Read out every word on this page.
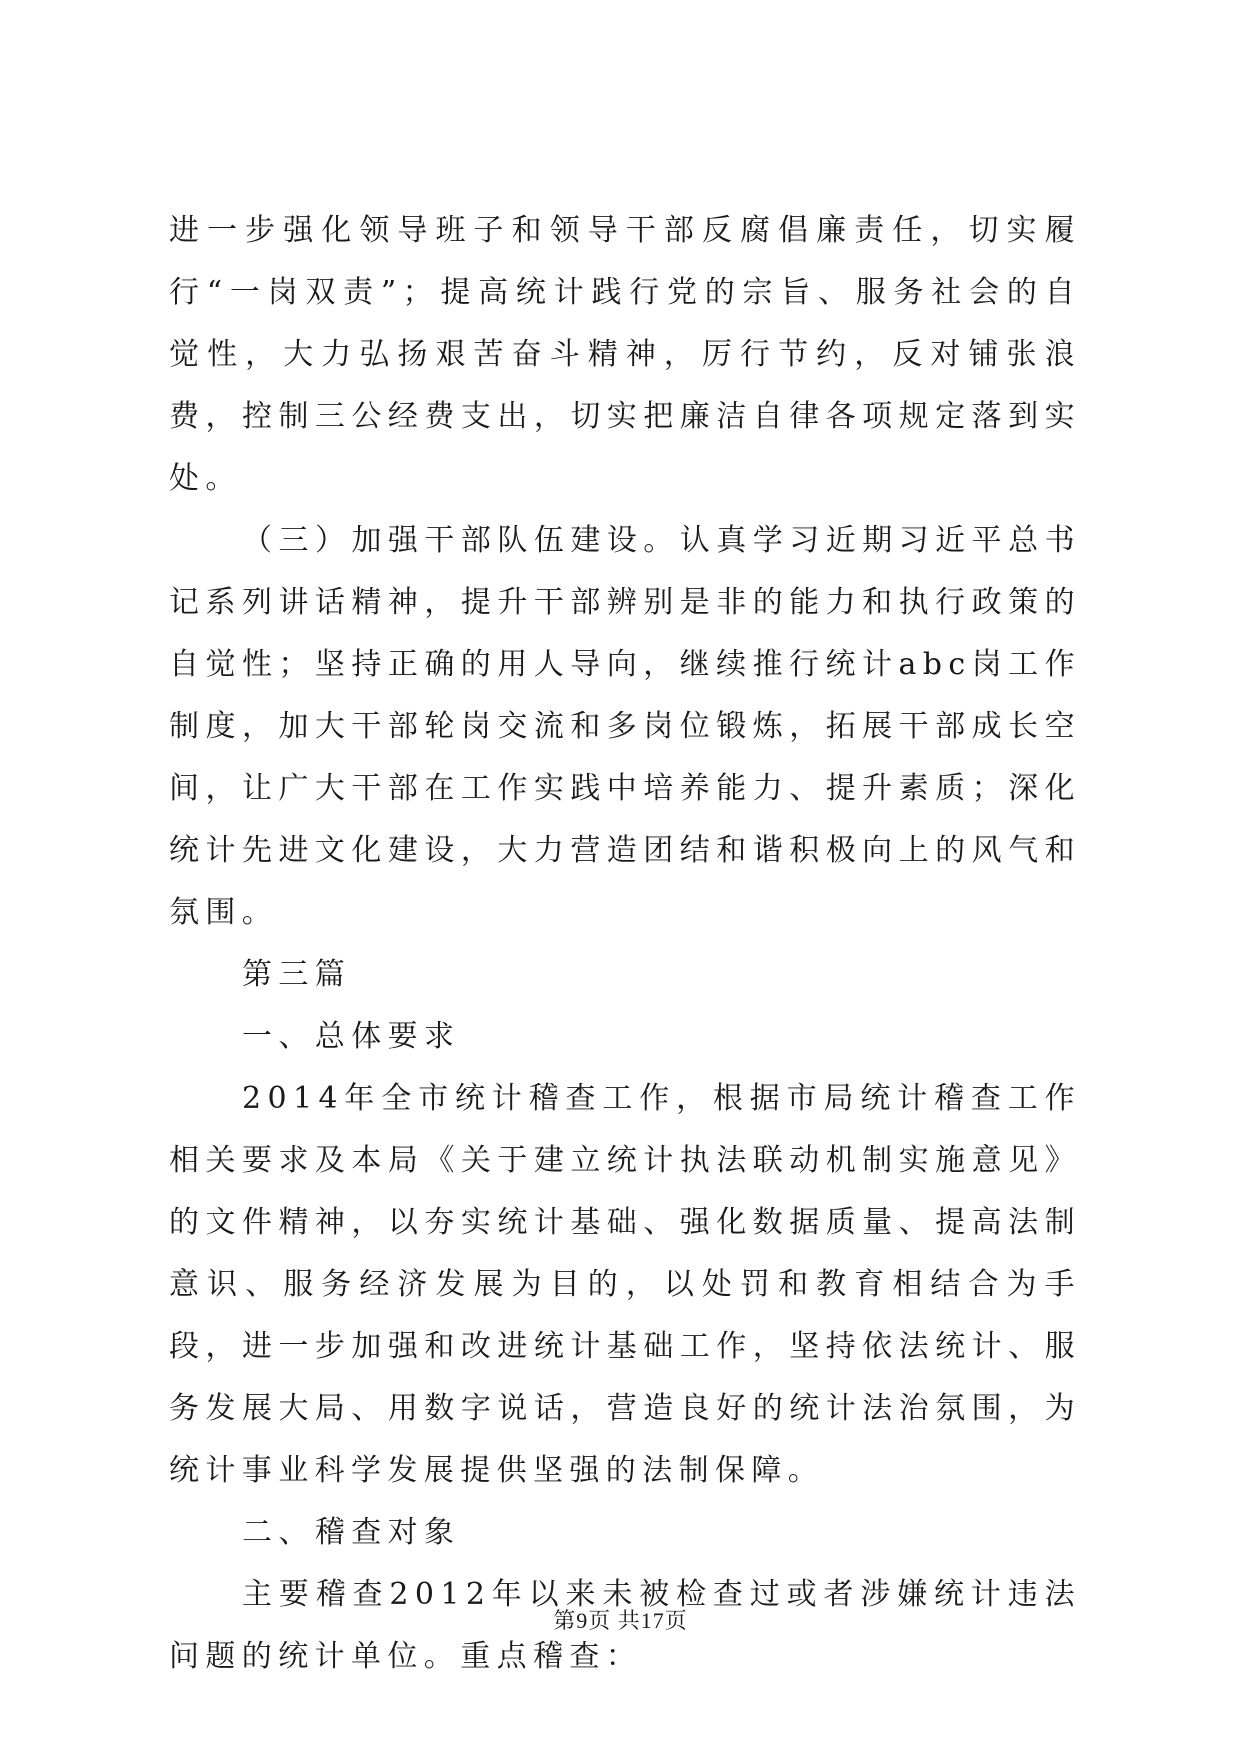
进一步强化领导班子和领导干部反腐倡廉责任，切实履行“一岗双责”；提高统计践行党的宗旨、服务社会的自觉性，大力弘扬艰苦奋斗精神，厉行节约，反对铺张浪费，控制三公经费支出，切实把廉洁自律各项规定落到实处。

（三）加强干部队伍建设。认真学习近期习近平总书记系列讲话精神，提升干部辨别是非的能力和执行政策的自觉性；坚持正确的用人导向，继续推行统计abc岗工作制度，加大干部轮岗交流和多岗位锻炼，拓展干部成长空间，让广大干部在工作实践中培养能力、提升素质；深化统计先进文化建设，大力营造团结和谐积极向上的风气和氛围。

第三篇

一、总体要求

2014年全市统计稽查工作，根据市局统计稽查工作相关要求及本局《关于建立统计执法联动机制实施意见》的文件精神，以夯实统计基础、强化数据质量、提高法制意识、服务经济发展为目的，以处罚和教育相结合为手段，进一步加强和改进统计基础工作，坚持依法统计、服务发展大局、用数字说话，营造良好的统计法治氛围，为统计事业科学发展提供坚强的法制保障。

二、稽查对象

主要稽查2012年以来未被检查过或者涉嫌统计违法问题的统计单位。重点稽查：

第9页 共17页
